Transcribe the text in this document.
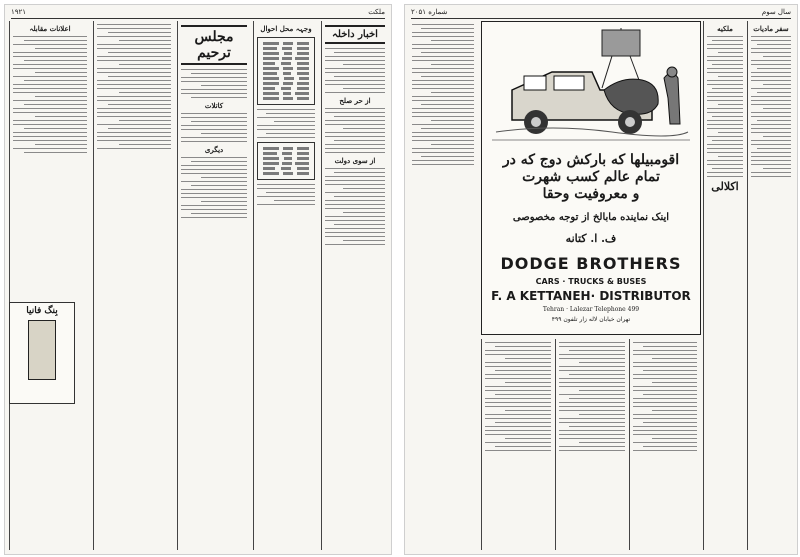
ملکت
۱۹۲۱
اعلانات مقابلہ
بِنگ فانیا
مجلس ترحیم
کاتلات
دیگری
وجہہ محل احوال
اخبار داخلہ
از حر صلح
از سوی دولت
سال سوم
شماره ۲۰۵۱
اقومبیلها که بارکش دوج که در تمام عالم کسب شهرت
و معروفیت وحقا
اینک نماینده مابالخ از توجه مخصوصی
ف. ا. کتانه
DODGE BROTHERS
CARS · TRUCKS & BUSES
F. A KETTANEH· DISTRIBUTOR
Tehran · Lalezar Telephone 499
تهران خیابان لاله زار تلفون ۴۹۹
ملکیه
اکلالی
سفر مادیات
